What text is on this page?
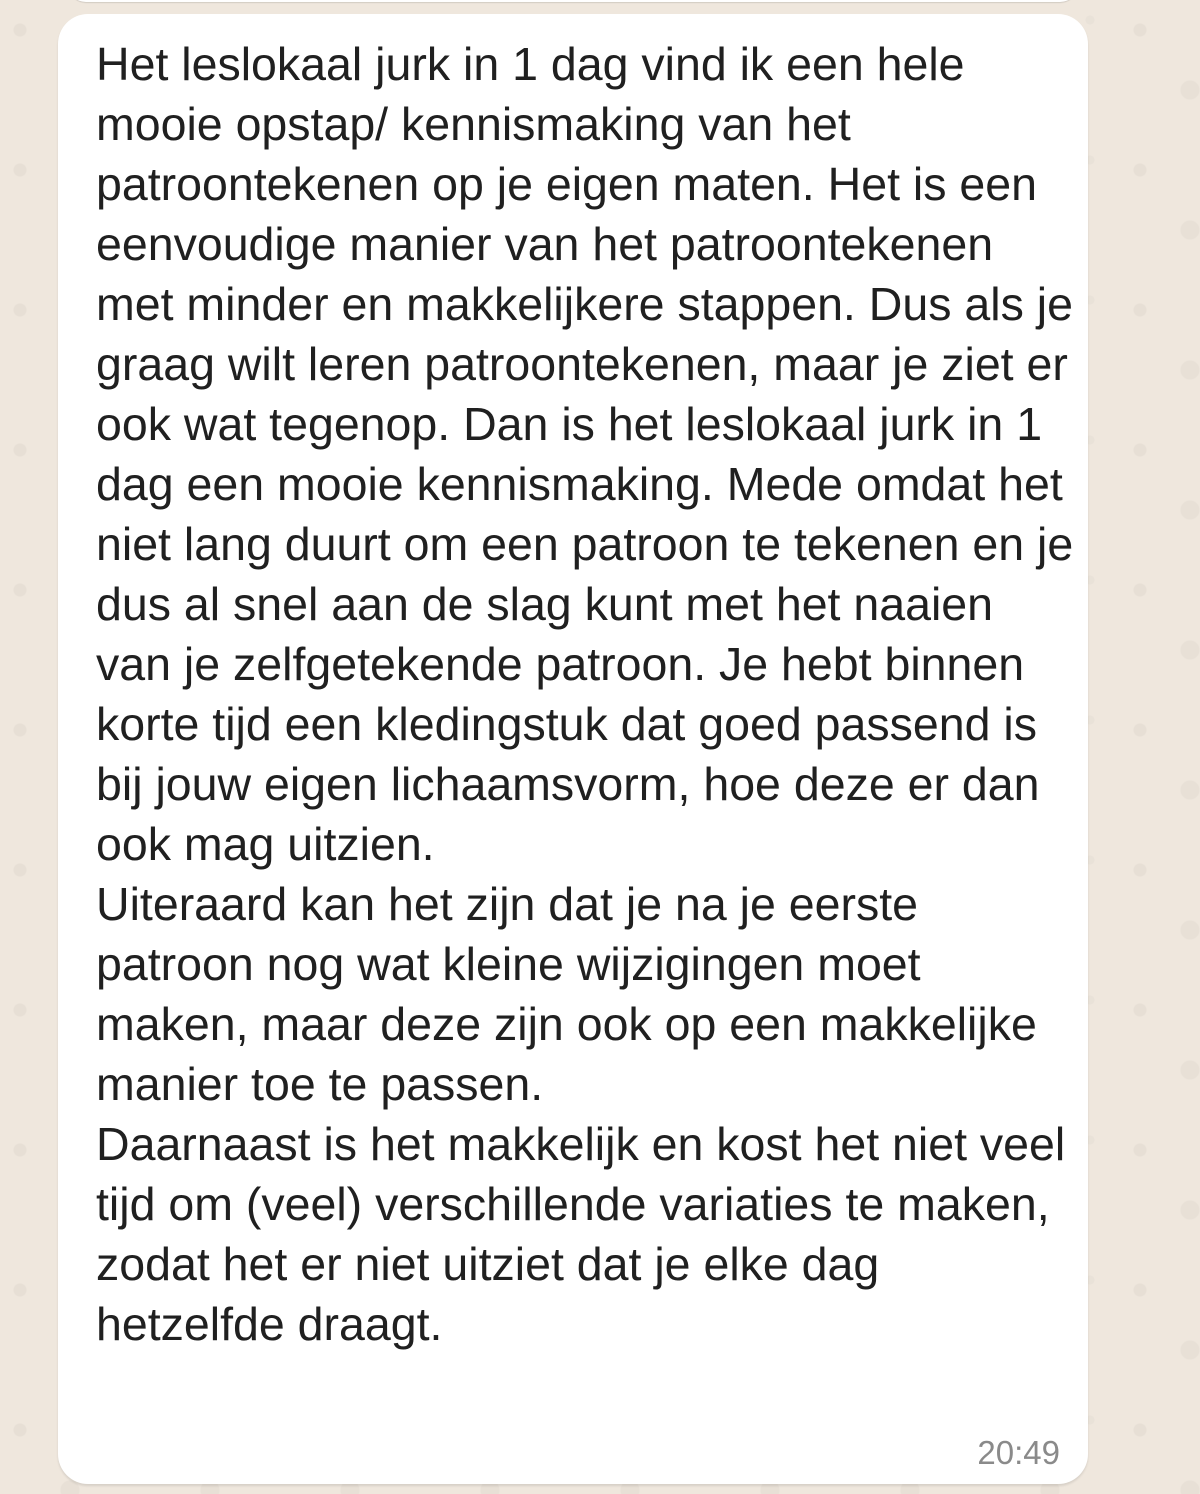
Het leslokaal jurk in 1 dag vind ik een hele mooie opstap/ kennismaking van het patroontekenen op je eigen maten. Het is een eenvoudige manier van het patroontekenen met minder en makkelijkere stappen. Dus als je graag wilt leren patroontekenen, maar je ziet er ook wat tegenop. Dan is het leslokaal jurk in 1 dag een mooie kennismaking. Mede omdat het niet lang duurt om een patroon te tekenen en je dus al snel aan de slag kunt met het naaien van je zelfgetekende patroon. Je hebt binnen korte tijd een kledingstuk dat goed passend is bij jouw eigen lichaamsvorm, hoe deze er dan ook mag uitzien.
Uiteraard kan het zijn dat je na je eerste patroon nog wat kleine wijzigingen moet maken, maar deze zijn ook op een makkelijke manier toe te passen.
Daarnaast is het makkelijk en kost het niet veel tijd om (veel) verschillende variaties te maken, zodat het er niet uitziet dat je elke dag hetzelfde draagt.

20:49
